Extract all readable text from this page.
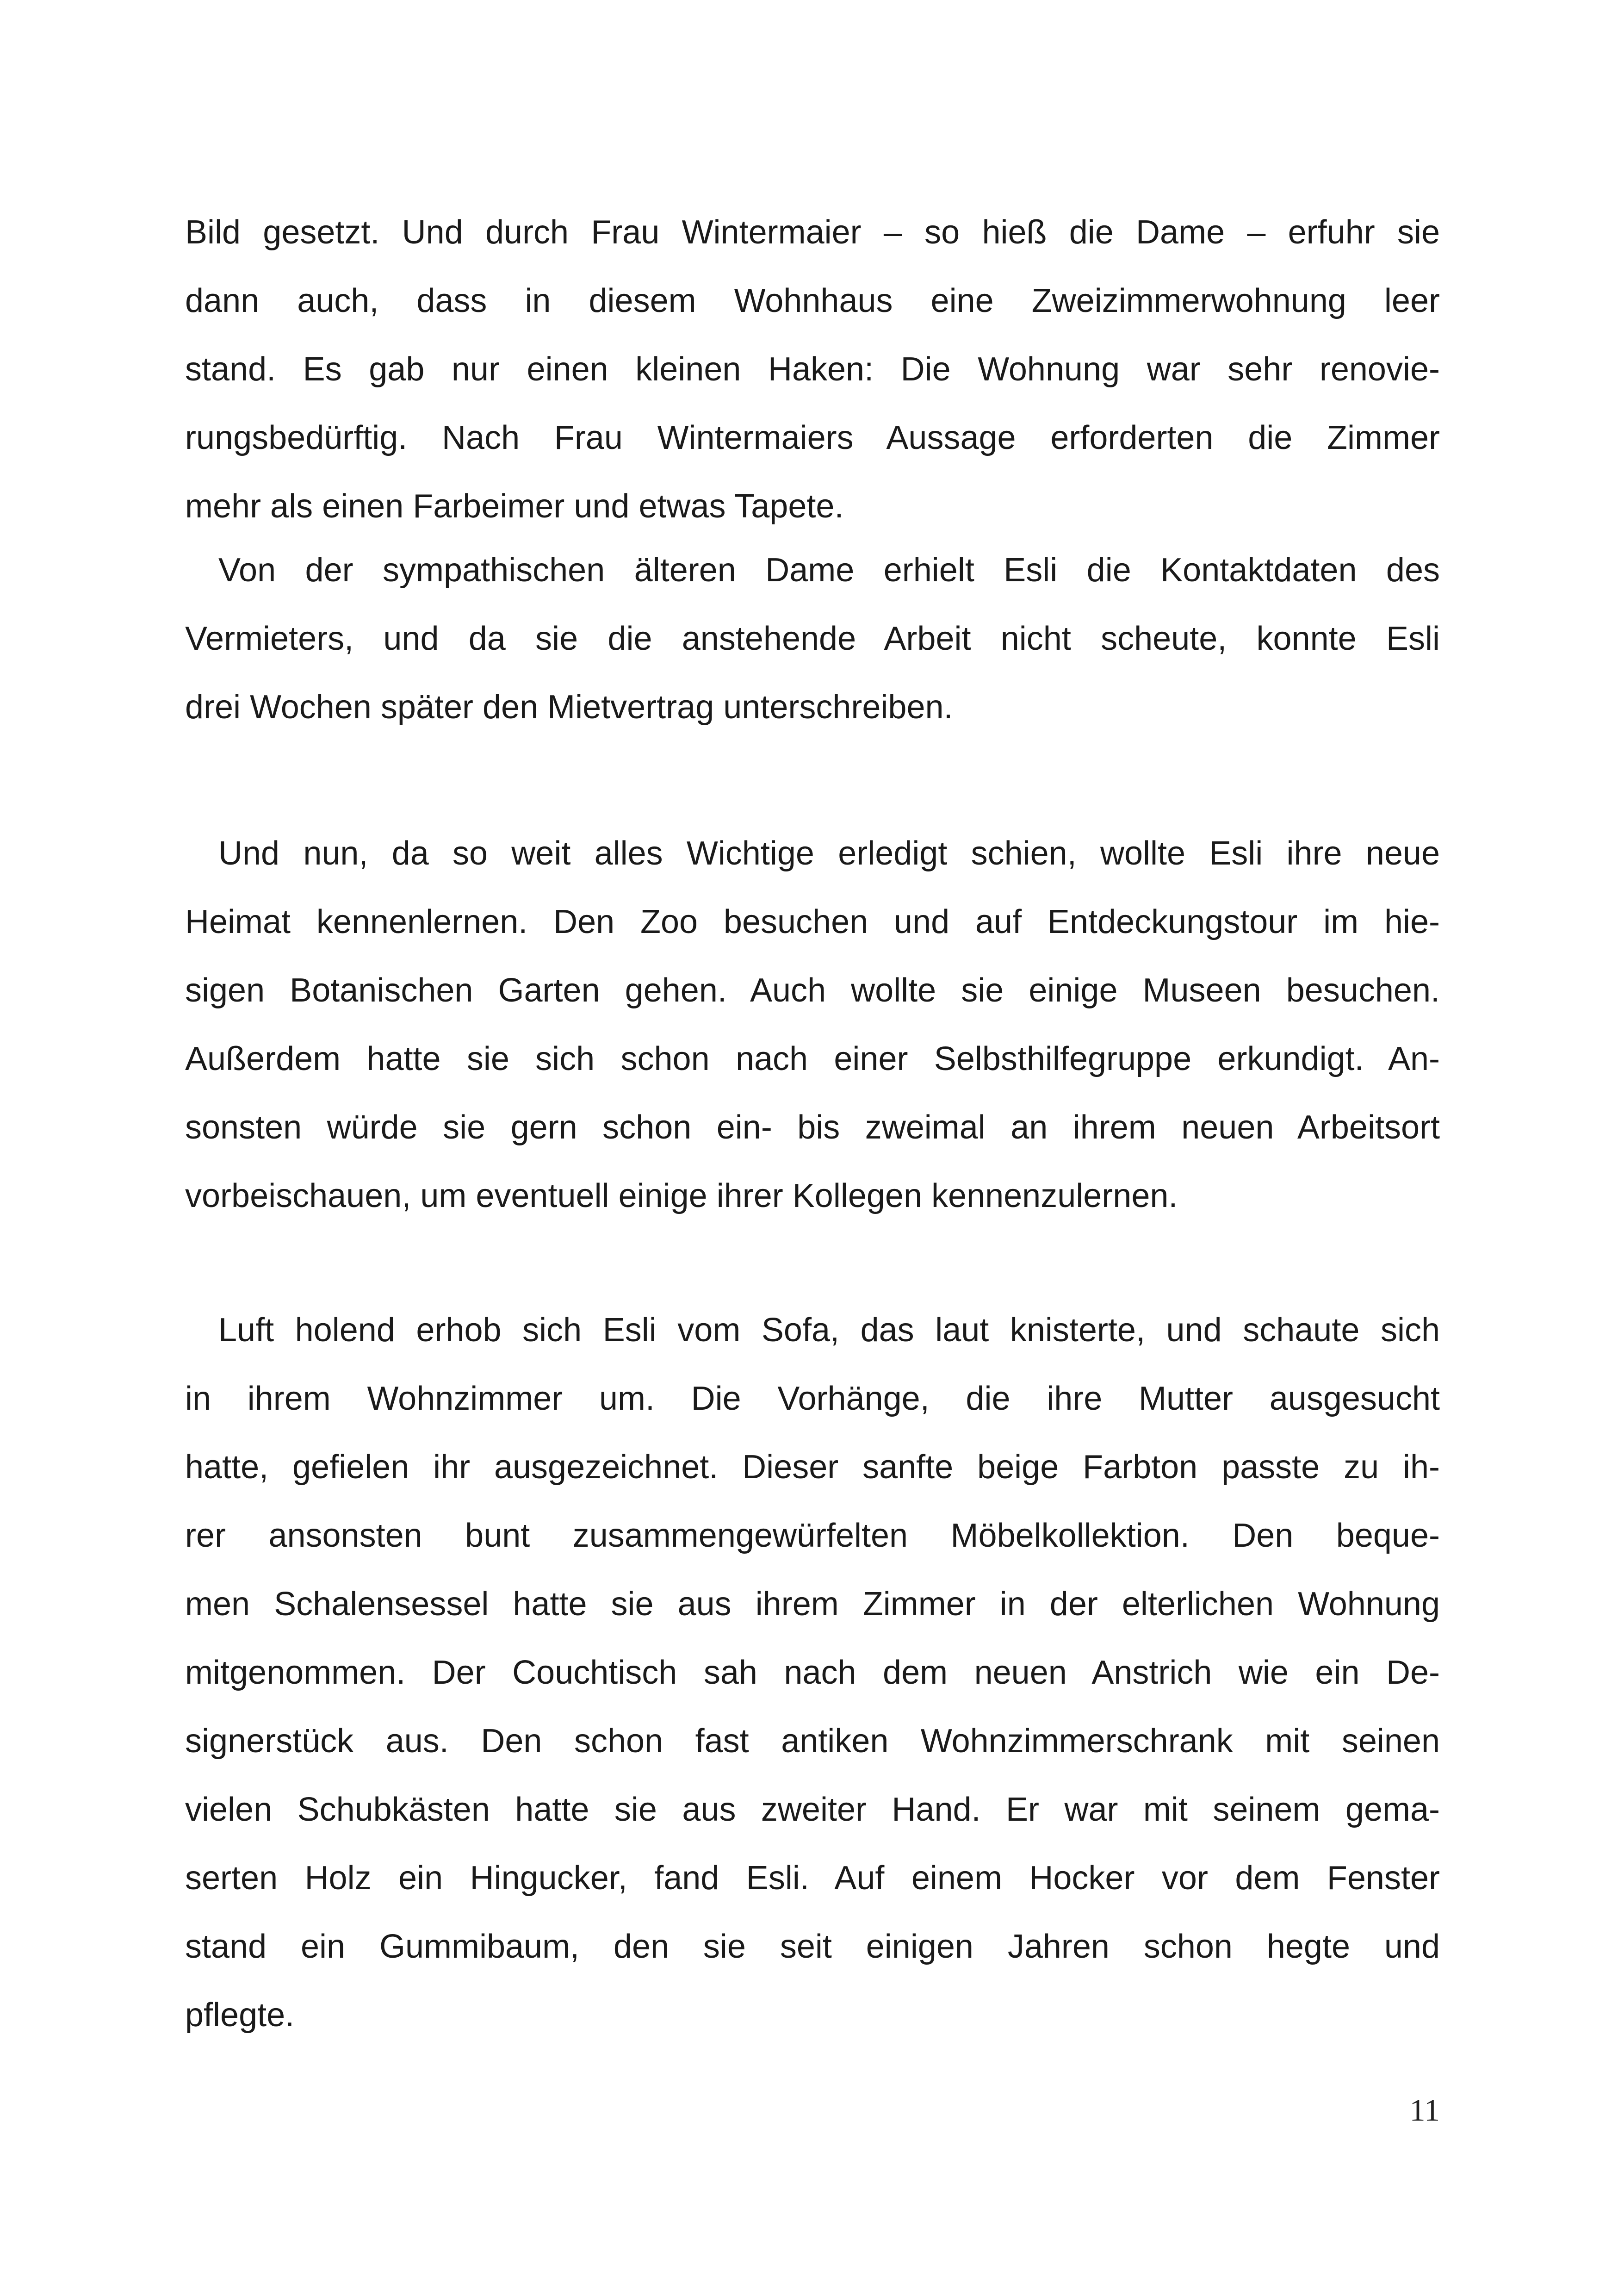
Bild gesetzt. Und durch Frau Wintermaier – so hieß die Dame – erfuhr sie
dann auch, dass in diesem Wohnhaus eine Zweizimmerwohnung leer
stand. Es gab nur einen kleinen Haken: Die Wohnung war sehr renovie-
rungsbedürftig. Nach Frau Wintermaiers Aussage erforderten die Zimmer
mehr als einen Farbeimer und etwas Tapete.
Von der sympathischen älteren Dame erhielt Esli die Kontaktdaten des
Vermieters, und da sie die anstehende Arbeit nicht scheute, konnte Esli
drei Wochen später den Mietvertrag unterschreiben.
Und nun, da so weit alles Wichtige erledigt schien, wollte Esli ihre neue
Heimat kennenlernen. Den Zoo besuchen und auf Entdeckungstour im hie-
sigen Botanischen Garten gehen. Auch wollte sie einige Museen besuchen.
Außerdem hatte sie sich schon nach einer Selbsthilfegruppe erkundigt. An-
sonsten würde sie gern schon ein- bis zweimal an ihrem neuen Arbeitsort
vorbeischauen, um eventuell einige ihrer Kollegen kennenzulernen.
Luft holend erhob sich Esli vom Sofa, das laut knisterte, und schaute sich
in ihrem Wohnzimmer um. Die Vorhänge, die ihre Mutter ausgesucht
hatte, gefielen ihr ausgezeichnet. Dieser sanfte beige Farbton passte zu ih-
rer ansonsten bunt zusammengewürfelten Möbelkollektion. Den beque-
men Schalensessel hatte sie aus ihrem Zimmer in der elterlichen Wohnung
mitgenommen. Der Couchtisch sah nach dem neuen Anstrich wie ein De-
signerstück aus. Den schon fast antiken Wohnzimmerschrank mit seinen
vielen Schubkästen hatte sie aus zweiter Hand. Er war mit seinem gema-
serten Holz ein Hingucker, fand Esli. Auf einem Hocker vor dem Fenster
stand ein Gummibaum, den sie seit einigen Jahren schon hegte und
pflegte.
11
